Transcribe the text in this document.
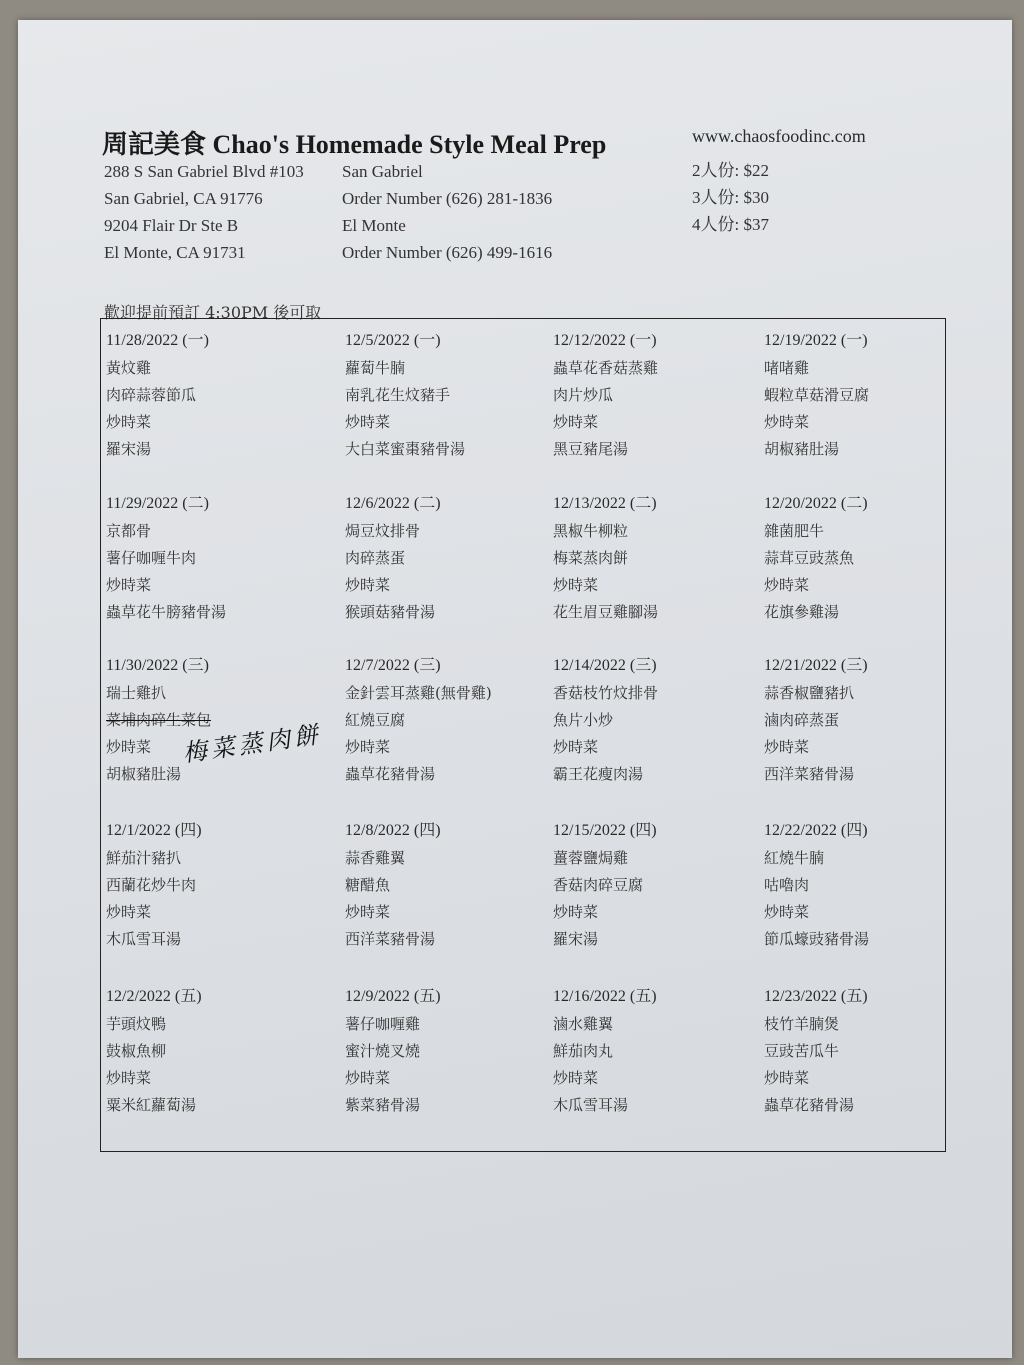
周記美食 Chao's Homemade Style Meal Prep	www.chaosfoodinc.com
288 S San Gabriel Blvd #103
San Gabriel, CA 91776
9204 Flair Dr Ste B
El Monte, CA 91731
San Gabriel
Order Number (626) 281-1836
El Monte
Order Number (626) 499-1616
2人份: $22
3人份: $30
4人份: $37
歡迎提前預訂 4:30PM 後可取
11/28/2022 (一)
黃炆雞
肉碎蒜蓉節瓜
炒時菜
羅宋湯
11/29/2022 (二)
京都骨
薯仔咖喱牛肉
炒時菜
蟲草花牛膀豬骨湯
11/30/2022 (三)
瑞士雞扒
菜埔肉碎生菜包
炒時菜
胡椒豬肚湯
12/1/2022 (四)
鮮茄汁豬扒
西蘭花炒牛肉
炒時菜
木瓜雪耳湯
12/2/2022 (五)
芋頭炆鴨
鼓椒魚柳
炒時菜
粟米紅蘿蔔湯
12/5/2022 (一)
蘿蔔牛腩
南乳花生炆豬手
炒時菜
大白菜蜜棗豬骨湯
12/6/2022 (二)
焗豆炆排骨
肉碎蒸蛋
炒時菜
猴頭菇豬骨湯
12/7/2022 (三)
金針雲耳蒸雞(無骨雞)
紅燒豆腐
炒時菜
蟲草花豬骨湯
12/8/2022 (四)
蒜香雞翼
糖醋魚
炒時菜
西洋菜豬骨湯
12/9/2022 (五)
薯仔咖喱雞
蜜汁燒叉燒
炒時菜
紫菜豬骨湯
12/12/2022 (一)
蟲草花香菇蒸雞
肉片炒瓜
炒時菜
黑豆豬尾湯
12/13/2022 (二)
黑椒牛柳粒
梅菜蒸肉餅
炒時菜
花生眉豆雞腳湯
12/14/2022 (三)
香菇枝竹炆排骨
魚片小炒
炒時菜
霸王花瘦肉湯
12/15/2022 (四)
薑蓉鹽焗雞
香菇肉碎豆腐
炒時菜
羅宋湯
12/16/2022 (五)
滷水雞翼
鮮茄肉丸
炒時菜
木瓜雪耳湯
12/19/2022 (一)
啫啫雞
蝦粒草菇滑豆腐
炒時菜
胡椒豬肚湯
12/20/2022 (二)
雜菌肥牛
蒜茸豆豉蒸魚
炒時菜
花旗參雞湯
12/21/2022 (三)
蒜香椒鹽豬扒
滷肉碎蒸蛋
炒時菜
西洋菜豬骨湯
12/22/2022 (四)
紅燒牛腩
咕嚕肉
炒時菜
節瓜蠔豉豬骨湯
12/23/2022 (五)
枝竹羊腩煲
豆豉苦瓜牛
炒時菜
蟲草花豬骨湯
梅菜蒸肉餅
